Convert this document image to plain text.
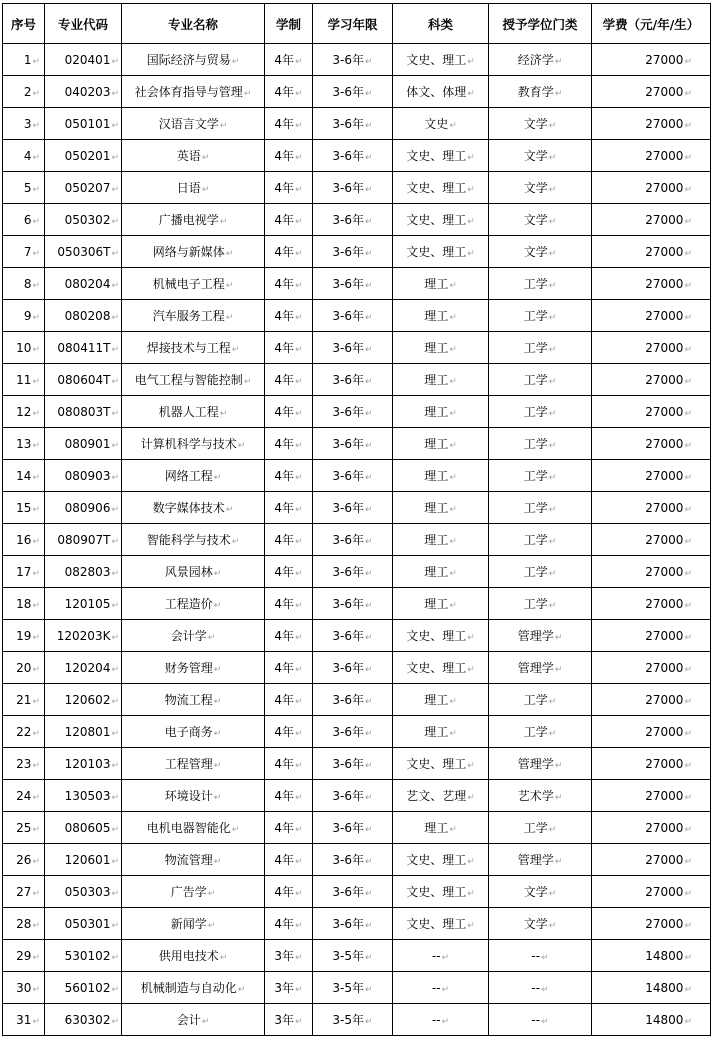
序号	专业代码	专业名称	学制	学习年限	科类	授予学位门类	学费（元/年/生）
1↵	020401↵	国际经济与贸易↵	4年↵	3-6年↵	文史、理工↵	经济学↵	27000↵
2↵	040203↵	社会体育指导与管理↵	4年↵	3-6年↵	体文、体理↵	教育学↵	27000↵
3↵	050101↵	汉语言文学↵	4年↵	3-6年↵	文史↵	文学↵	27000↵
4↵	050201↵	英语↵	4年↵	3-6年↵	文史、理工↵	文学↵	27000↵
5↵	050207↵	日语↵	4年↵	3-6年↵	文史、理工↵	文学↵	27000↵
6↵	050302↵	广播电视学↵	4年↵	3-6年↵	文史、理工↵	文学↵	27000↵
7↵	050306T↵	网络与新媒体↵	4年↵	3-6年↵	文史、理工↵	文学↵	27000↵
8↵	080204↵	机械电子工程↵	4年↵	3-6年↵	理工↵	工学↵	27000↵
9↵	080208↵	汽车服务工程↵	4年↵	3-6年↵	理工↵	工学↵	27000↵
10↵	080411T↵	焊接技术与工程↵	4年↵	3-6年↵	理工↵	工学↵	27000↵
11↵	080604T↵	电气工程与智能控制↵	4年↵	3-6年↵	理工↵	工学↵	27000↵
12↵	080803T↵	机器人工程↵	4年↵	3-6年↵	理工↵	工学↵	27000↵
13↵	080901↵	计算机科学与技术↵	4年↵	3-6年↵	理工↵	工学↵	27000↵
14↵	080903↵	网络工程↵	4年↵	3-6年↵	理工↵	工学↵	27000↵
15↵	080906↵	数字媒体技术↵	4年↵	3-6年↵	理工↵	工学↵	27000↵
16↵	080907T↵	智能科学与技术↵	4年↵	3-6年↵	理工↵	工学↵	27000↵
17↵	082803↵	风景园林↵	4年↵	3-6年↵	理工↵	工学↵	27000↵
18↵	120105↵	工程造价↵	4年↵	3-6年↵	理工↵	工学↵	27000↵
19↵	120203K↵	会计学↵	4年↵	3-6年↵	文史、理工↵	管理学↵	27000↵
20↵	120204↵	财务管理↵	4年↵	3-6年↵	文史、理工↵	管理学↵	27000↵
21↵	120602↵	物流工程↵	4年↵	3-6年↵	理工↵	工学↵	27000↵
22↵	120801↵	电子商务↵	4年↵	3-6年↵	理工↵	工学↵	27000↵
23↵	120103↵	工程管理↵	4年↵	3-6年↵	文史、理工↵	管理学↵	27000↵
24↵	130503↵	环境设计↵	4年↵	3-6年↵	艺文、艺理↵	艺术学↵	27000↵
25↵	080605↵	电机电器智能化↵	4年↵	3-6年↵	理工↵	工学↵	27000↵
26↵	120601↵	物流管理↵	4年↵	3-6年↵	文史、理工↵	管理学↵	27000↵
27↵	050303↵	广告学↵	4年↵	3-6年↵	文史、理工↵	文学↵	27000↵
28↵	050301↵	新闻学↵	4年↵	3-6年↵	文史、理工↵	文学↵	27000↵
29↵	530102↵	供用电技术↵	3年↵	3-5年↵	--↵	--↵	14800↵
30↵	560102↵	机械制造与自动化↵	3年↵	3-5年↵	--↵	--↵	14800↵
31↵	630302↵	会计↵	3年↵	3-5年↵	--↵	--↵	14800↵
